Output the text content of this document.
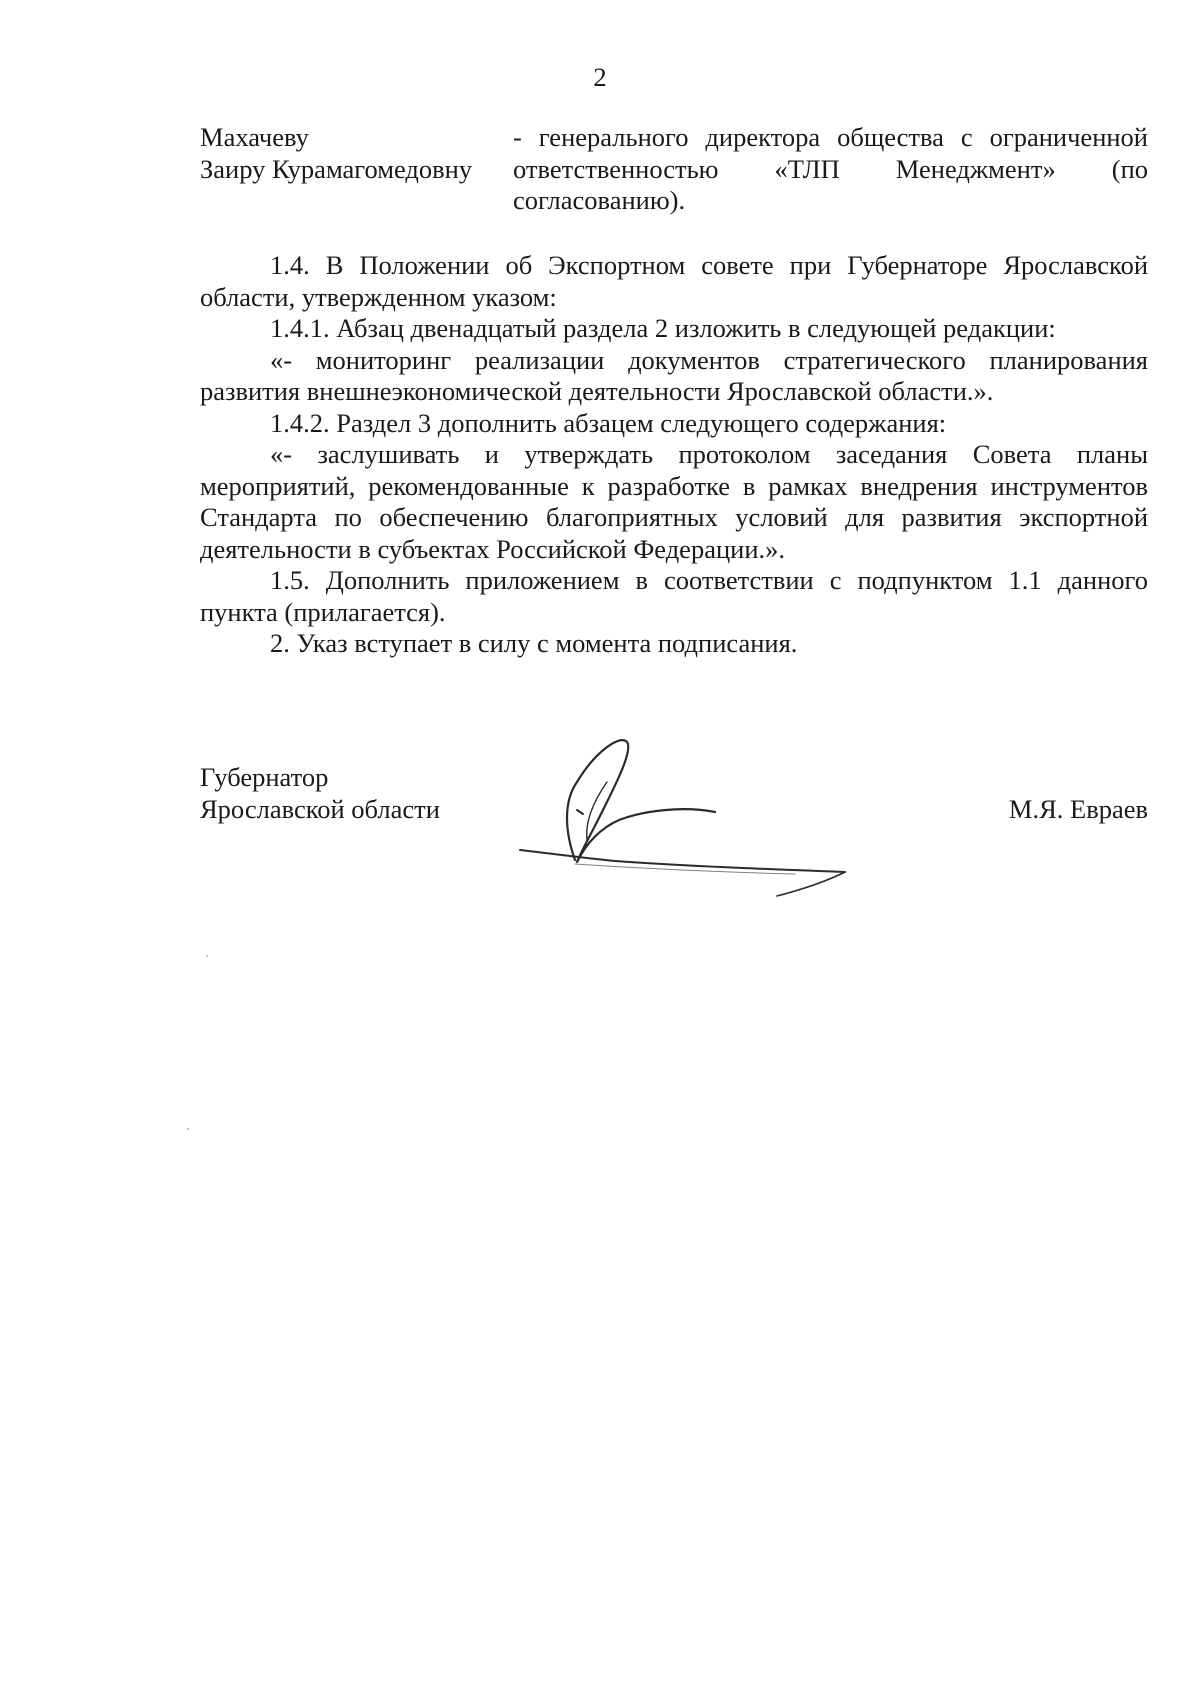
2
Махачеву
Заиру Курамагомедовну
- генерального директора общества с ограниченной ответственностью «ТЛП Менеджмент» (по согласованию).

1.4. В Положении об Экспортном совете при Губернаторе Ярославской области, утвержденном указом:

1.4.1. Абзац двенадцатый раздела 2 изложить в следующей редакции:

«- мониторинг реализации документов стратегического планирования развития внешнеэкономической деятельности Ярославской области.».

1.4.2. Раздел 3 дополнить абзацем следующего содержания:

«- заслушивать и утверждать протоколом заседания Совета планы мероприятий, рекомендованные к разработке в рамках внедрения инструментов Стандарта по обеспечению благоприятных условий для развития экспортной деятельности в субъектах Российской Федерации.».

1.5. Дополнить приложением в соответствии с подпунктом 1.1 данного пункта (прилагается).

2. Указ вступает в силу с момента подписания.

Губернатор
Ярославской области	М.Я. Евраев
